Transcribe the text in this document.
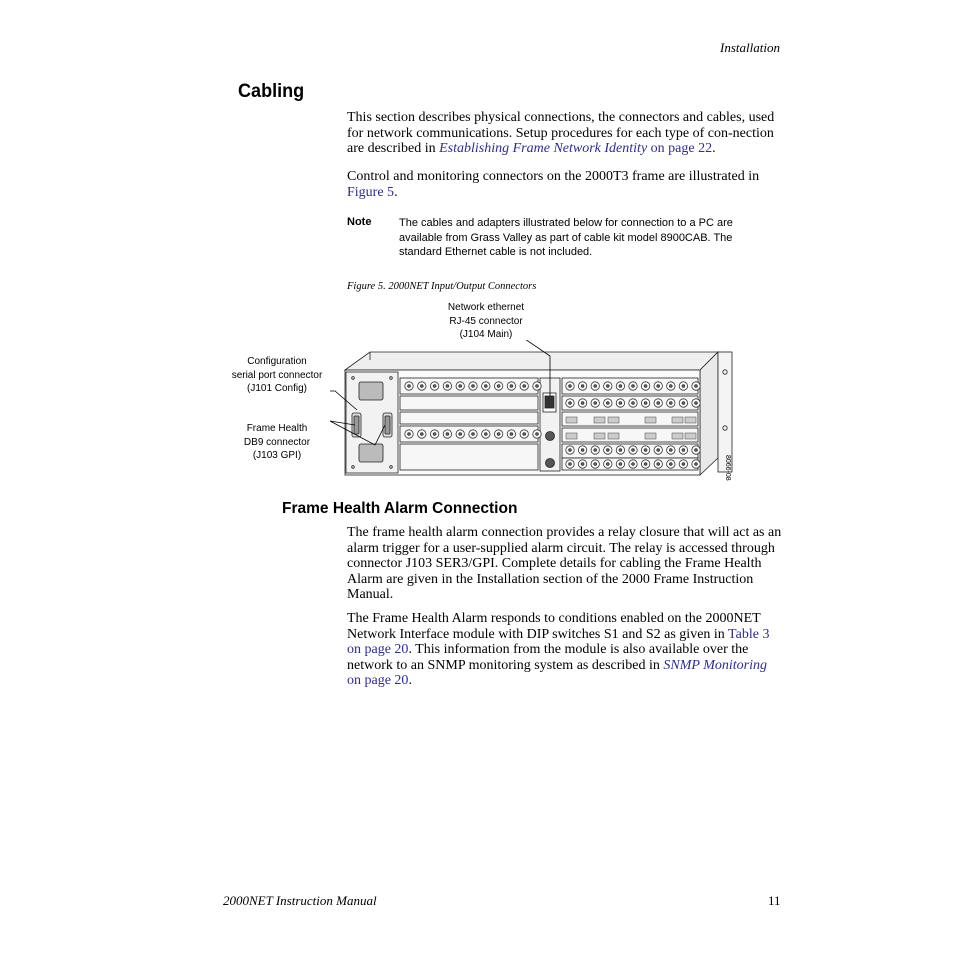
Installation
Cabling

This section describes physical connections, the connectors and cables, used for network communications. Setup procedures for each type of con-nection are described in Establishing Frame Network Identity on page 22.

Control and monitoring connectors on the 2000T3 frame are illustrated in Figure 5.

Note	The cables and adapters illustrated below for connection to a PC are available from Grass Valley as part of cable kit model 8900CAB. The standard Ethernet cable is not included.

Figure 5. 2000NET Input/Output Connectors
Network ethernet
RJ-45 connector
(J104 Main)
Configuration
serial port connector
(J101 Config)
Frame Health
DB9 connector
(J103 GPI)	8066-08
Frame Health Alarm Connection

The frame health alarm connection provides a relay closure that will act as an alarm trigger for a user-supplied alarm circuit. The relay is accessed through connector J103 SER3/GPI. Complete details for cabling the Frame Health Alarm are given in the Installation section of the 2000 Frame Instruction Manual.

The Frame Health Alarm responds to conditions enabled on the 2000NET Network Interface module with DIP switches S1 and S2 as given in Table 3 on page 20. This information from the module is also available over the network to an SNMP monitoring system as described in SNMP Monitoring on page 20.

2000NET Instruction Manual	11
